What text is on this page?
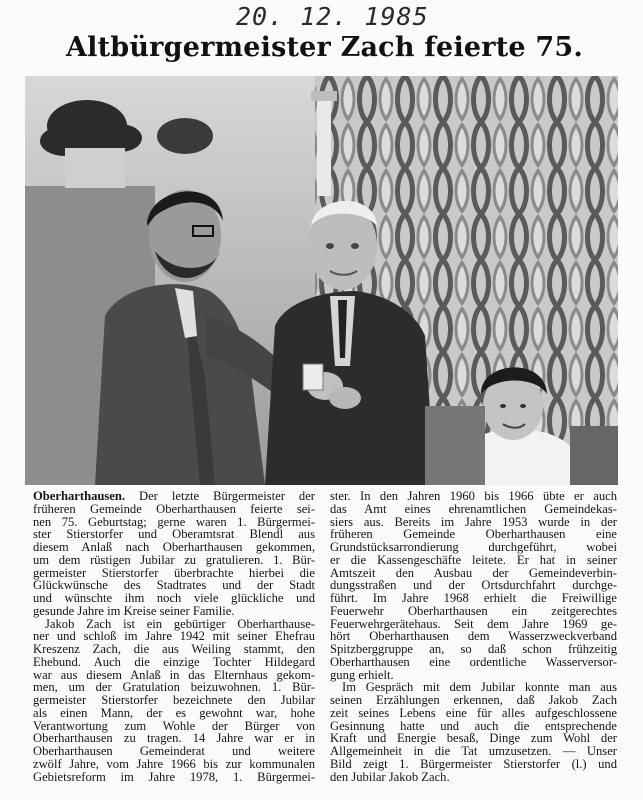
20. 12. 1985
Altbürgermeister Zach feierte 75.
Oberharthausen. Der letzte Bürgermeister der
früheren Gemeinde Oberharthausen feierte sei-
nen 75. Geburtstag; gerne waren 1. Bürgermei-
ster Stierstorfer und Oberamtsrat Blendl aus
diesem Anlaß nach Oberharthausen gekommen,
um dem rüstigen Jubilar zu gratulieren. 1. Bür-
germeister Stierstorfer überbrachte hierbei die
Glückwünsche des Stadtrates und der Stadt
und wünschte ihm noch viele glückliche und
gesunde Jahre im Kreise seiner Familie.
Jakob Zach ist ein gebürtiger Oberharthause-
ner und schloß im Jahre 1942 mit seiner Ehefrau
Kreszenz Zach, die aus Weiling stammt, den
Ehebund. Auch die einzige Tochter Hildegard
war aus diesem Anlaß in das Elternhaus gekom-
men, um der Gratulation beizuwohnen. 1. Bür-
germeister Stierstorfer bezeichnete den Jubilar
als einen Mann, der es gewohnt war, hohe
Verantwortung zum Wohle der Bürger von
Oberharthausen zu tragen. 14 Jahre war er in
Oberharthausen Gemeinderat und weitere
zwölf Jahre, vom Jahre 1966 bis zur kommunalen
Gebietsreform im Jahre 1978, 1. Bürgermei-
ster. In den Jahren 1960 bis 1966 übte er auch
das Amt eines ehrenamtlichen Gemeindekas-
siers aus. Bereits im Jahre 1953 wurde in der
früheren Gemeinde Oberharthausen eine
Grundstücksarrondierung durchgeführt, wobei
er die Kassengeschäfte leitete. Er hat in seiner
Amtszeit den Ausbau der Gemeindeverbin-
dungsstraßen und der Ortsdurchfahrt durchge-
führt. Im Jahre 1968 erhielt die Freiwillige
Feuerwehr Oberharthausen ein zeitgerechtes
Feuerwehrgerätehaus. Seit dem Jahre 1969 ge-
hört Oberharthausen dem Wasserzweckverband
Spitzberggruppe an, so daß schon frühzeitig
Oberharthausen eine ordentliche Wasserversor-
gung erhielt.
Im Gespräch mit dem Jubilar konnte man aus
seinen Erzählungen erkennen, daß Jakob Zach
zeit seines Lebens eine für alles aufgeschlossene
Gesinnung hatte und auch die entsprechende
Kraft und Energie besaß, Dinge zum Wohl der
Allgemeinheit in die Tat umzusetzen. — Unser
Bild zeigt 1. Bürgermeister Stierstorfer (l.) und
den Jubilar Jakob Zach.
